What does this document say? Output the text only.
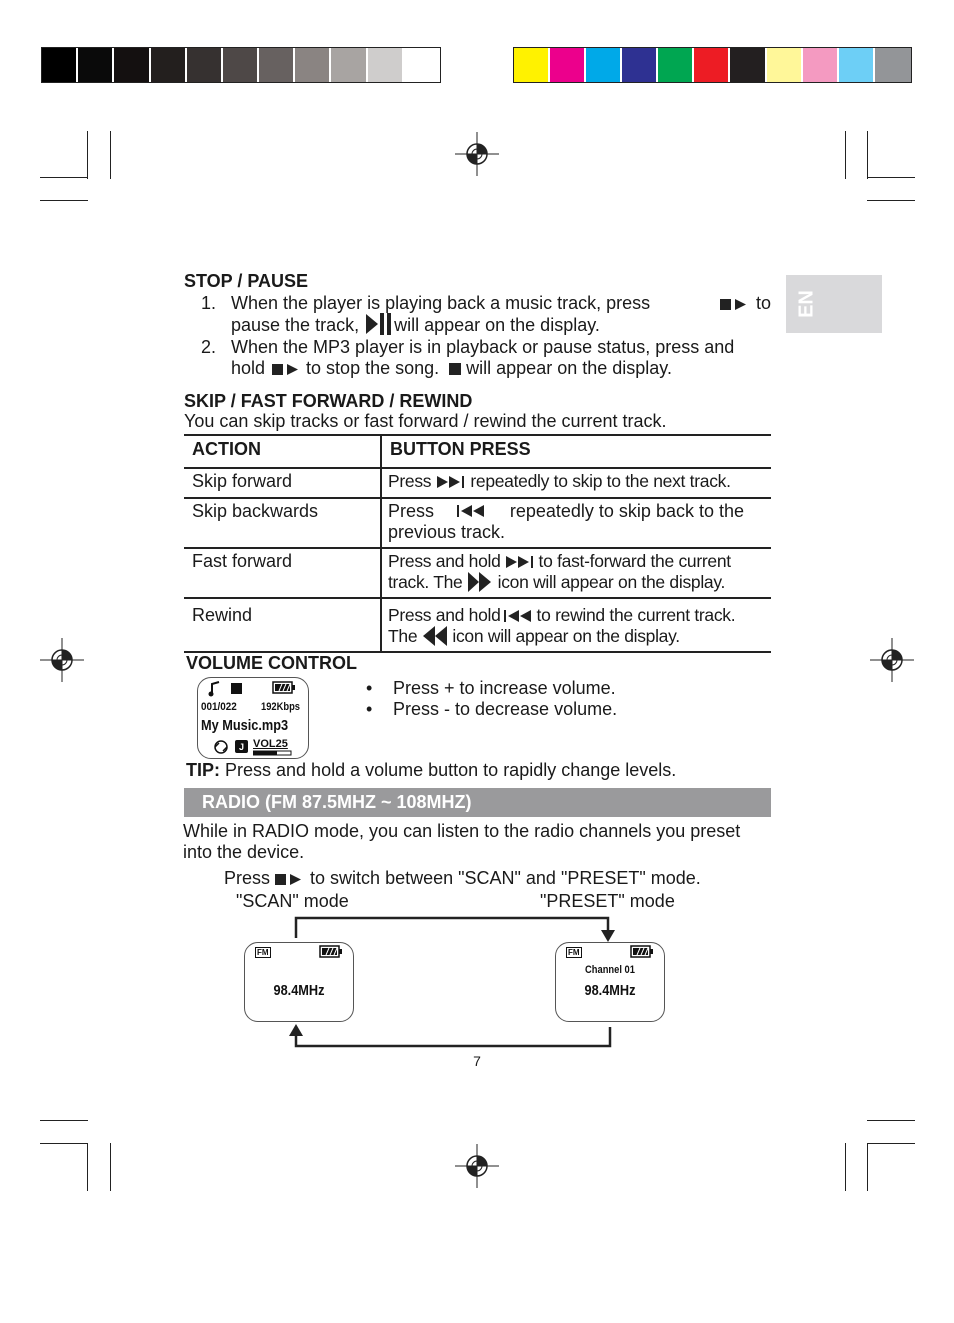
EN
STOP / PAUSE
1. When the player is playing back a music track, press	to
pause the track, will appear on the display.
2. When the MP3 player is in playback or pause status, press and
hold to stop the song. will appear on the display.
SKIP / FAST FORWARD / REWIND
You can skip tracks or fast forward / rewind the current track.
ACTION	BUTTON PRESS
Skip forward	Press repeatedly to skip to the next track.
Skip backwards	Press repeatedly to skip back to the
previous track.

Fast forward	Press and hold to fast-forward the current
track. The icon will appear on the display.

Rewind	Press and hold to rewind the current track.
The icon will appear on the display.
VOLUME CONTROL
001/022 192Kbps
My Music.mp3
J VOL25
• Press + to increase volume.
• Press - to decrease volume.
TIP: Press and hold a volume button to rapidly change levels.
RADIO (FM 87.5MHZ ~ 108MHZ)
While in RADIO mode, you can listen to the radio channels you preset
into the device.
Press to switch between "SCAN" and "PRESET" mode.
"SCAN" mode	"PRESET" mode
FM
98.4MHz
FM
Channel 01
98.4MHz
7
